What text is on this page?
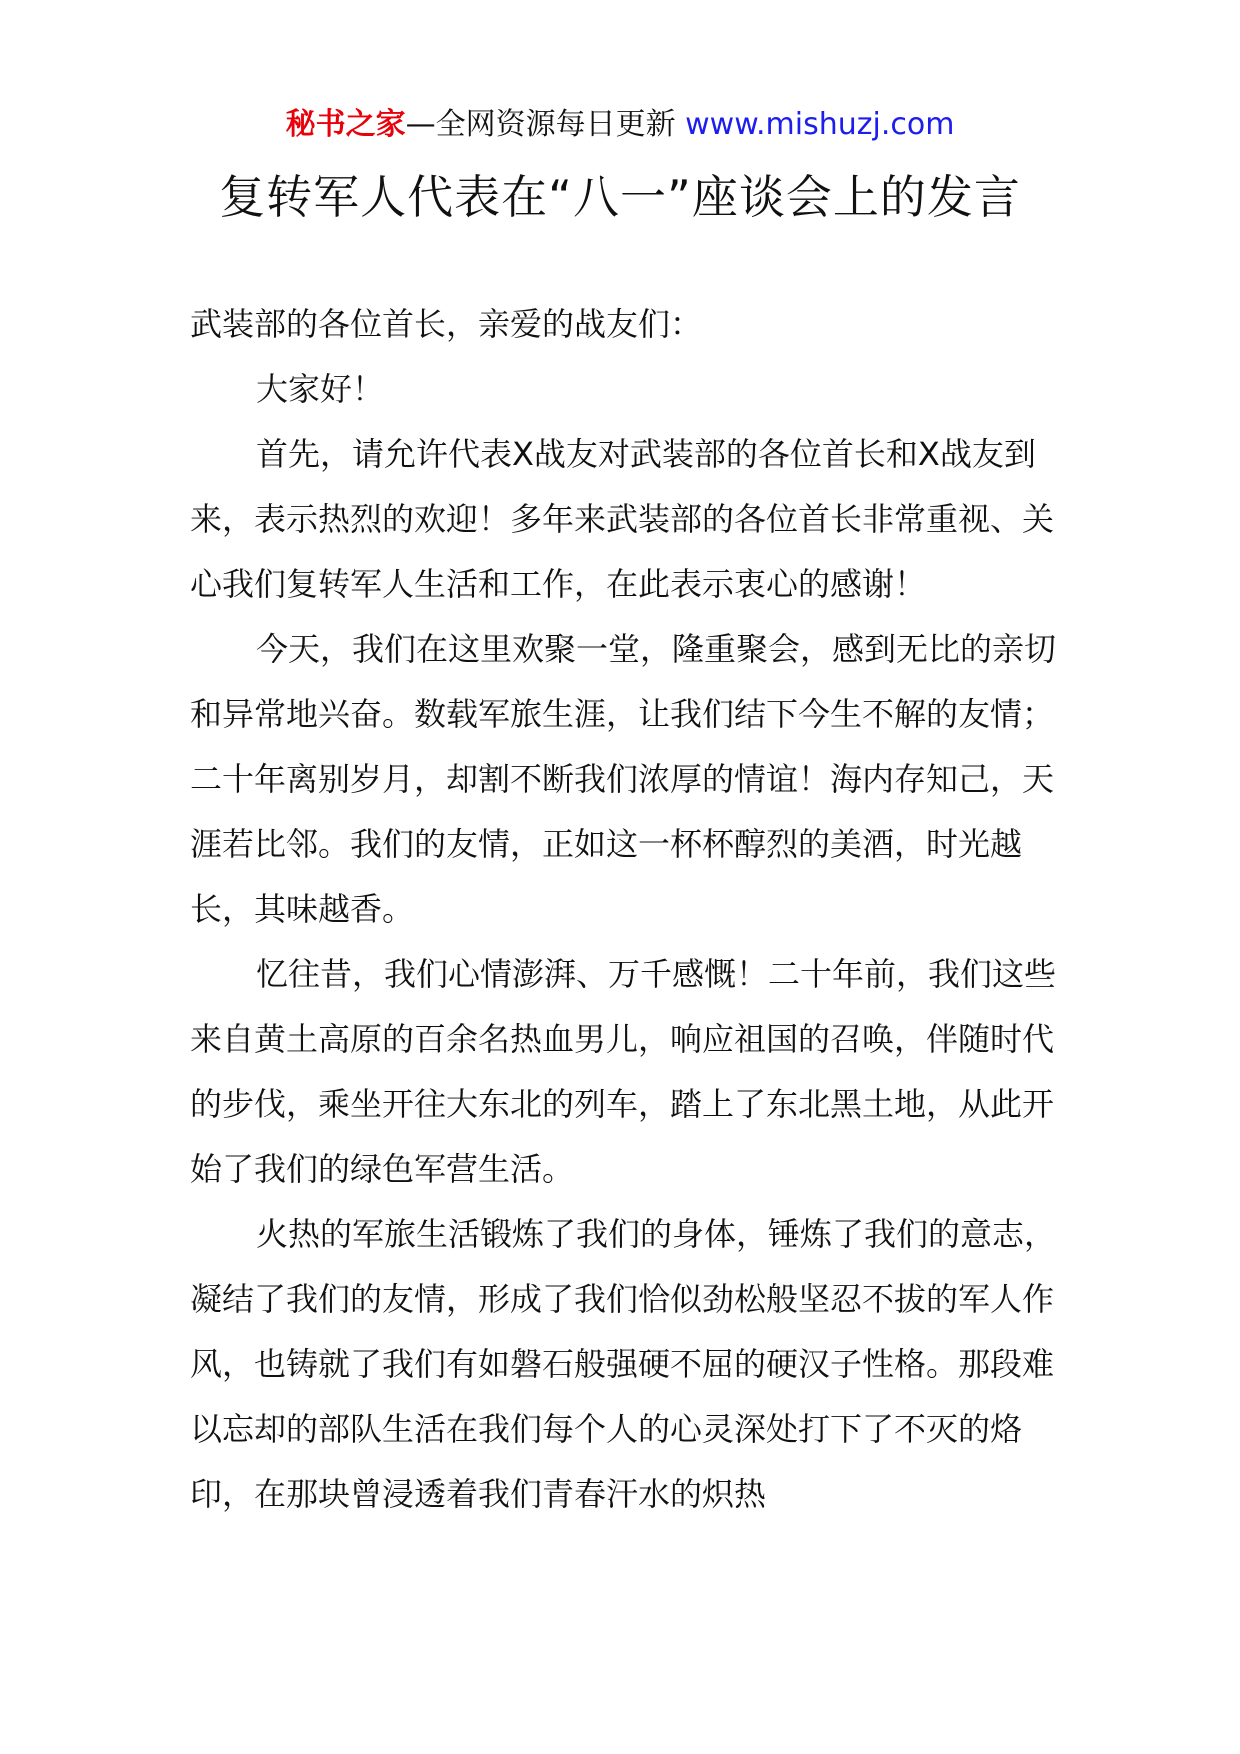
秘书之家—全网资源每日更新 www.mishuzj.com
复转军人代表在“八一”座谈会上的发言

武装部的各位首长，亲爱的战友们：

大家好！

首先，请允许代表X战友对武装部的各位首长和X战友到来，表示热烈的欢迎！多年来武装部的各位首长非常重视、关心我们复转军人生活和工作，在此表示衷心的感谢！

今天，我们在这里欢聚一堂，隆重聚会，感到无比的亲切和异常地兴奋。数载军旅生涯，让我们结下今生不解的友情；二十年离别岁月，却割不断我们浓厚的情谊！海内存知己，天涯若比邻。我们的友情，正如这一杯杯醇烈的美酒，时光越长，其味越香。

忆往昔，我们心情澎湃、万千感慨！二十年前，我们这些来自黄土高原的百余名热血男儿，响应祖国的召唤，伴随时代的步伐，乘坐开往大东北的列车，踏上了东北黑土地，从此开始了我们的绿色军营生活。

火热的军旅生活锻炼了我们的身体，锤炼了我们的意志，凝结了我们的友情，形成了我们恰似劲松般坚忍不拔的军人作风，也铸就了我们有如磐石般强硬不屈的硬汉子性格。那段难以忘却的部队生活在我们每个人的心灵深处打下了不灭的烙印，在那块曾浸透着我们青春汗水的炽热
